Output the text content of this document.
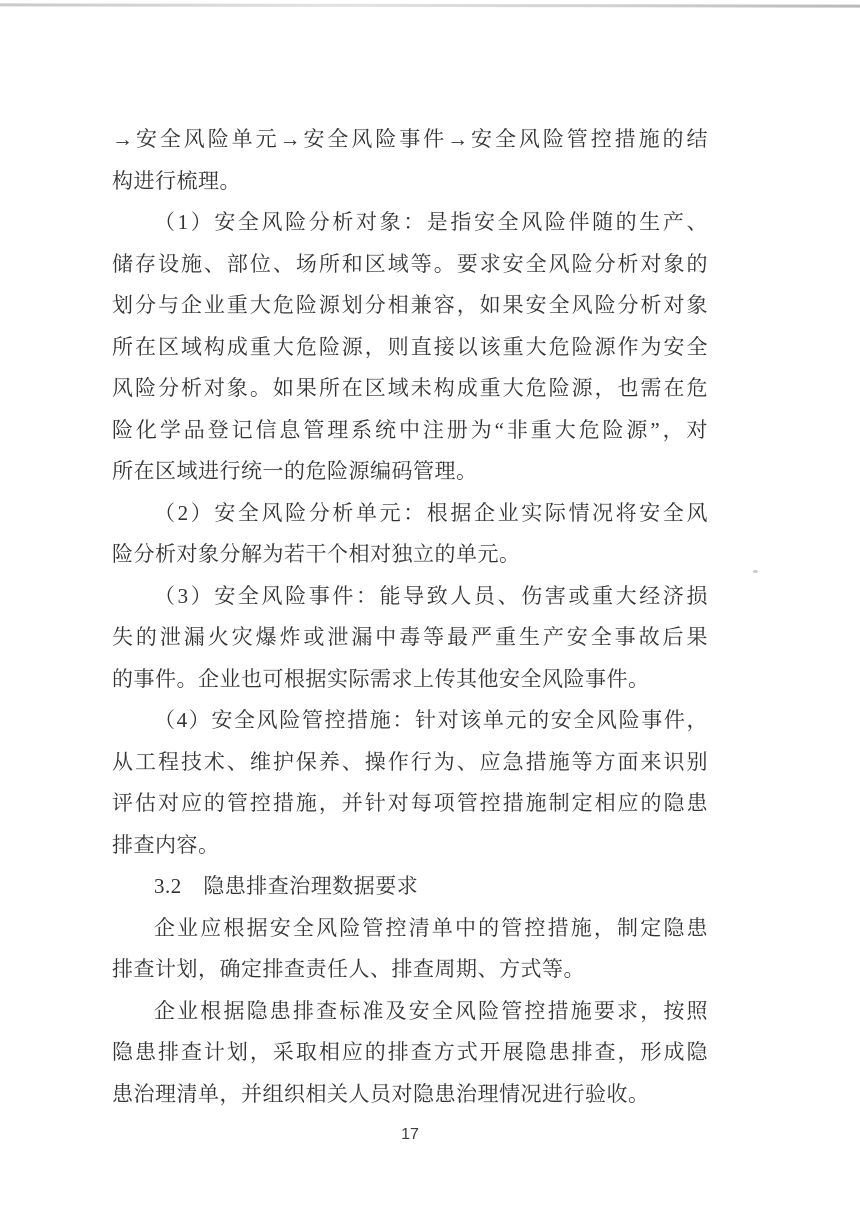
→安全风险单元→安全风险事件→安全风险管控措施的结
构进行梳理。
（1）安全风险分析对象：是指安全风险伴随的生产、
储存设施、部位、场所和区域等。要求安全风险分析对象的
划分与企业重大危险源划分相兼容，如果安全风险分析对象
所在区域构成重大危险源，则直接以该重大危险源作为安全
风险分析对象。如果所在区域未构成重大危险源，也需在危
险化学品登记信息管理系统中注册为“非重大危险源”，对
所在区域进行统一的危险源编码管理。
（2）安全风险分析单元：根据企业实际情况将安全风
险分析对象分解为若干个相对独立的单元。
（3）安全风险事件：能导致人员、伤害或重大经济损
失的泄漏火灾爆炸或泄漏中毒等最严重生产安全事故后果
的事件。企业也可根据实际需求上传其他安全风险事件。
（4）安全风险管控措施：针对该单元的安全风险事件，
从工程技术、维护保养、操作行为、应急措施等方面来识别
评估对应的管控措施，并针对每项管控措施制定相应的隐患
排查内容。
3.2　隐患排查治理数据要求
企业应根据安全风险管控清单中的管控措施，制定隐患
排查计划，确定排查责任人、排查周期、方式等。
企业根据隐患排查标准及安全风险管控措施要求，按照
隐患排查计划，采取相应的排查方式开展隐患排查，形成隐
患治理清单，并组织相关人员对隐患治理情况进行验收。
17
